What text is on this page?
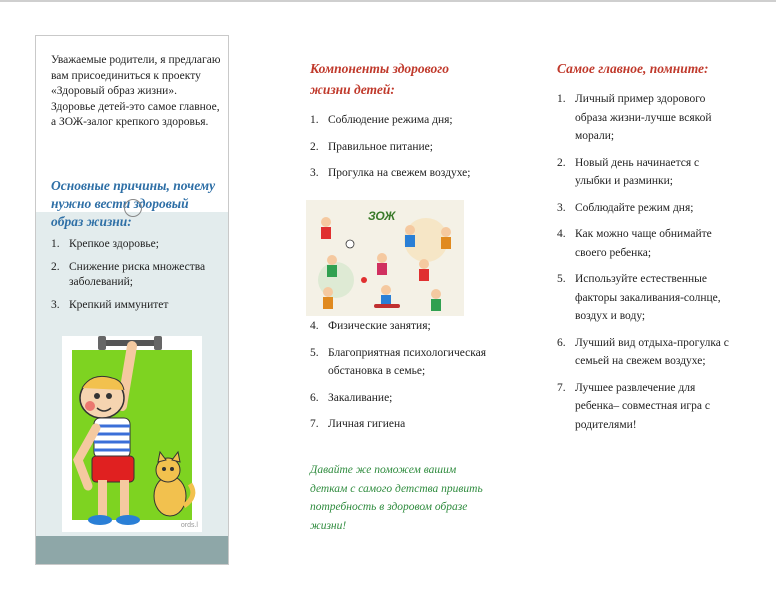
Уважаемые родители, я предлагаю вам присоединиться к проекту «Здоровый образ жизни». Здоровье детей-это самое главное, а ЗОЖ-залог крепкого здоровья.

Основные причины, почему нужно вести здоровый образ жизни:
1. Крепкое здоровье;
2. Снижение риска множества заболеваний;
3. Крепкий иммунитет
ords.l
Компоненты здорового жизни детей:
1. Соблюдение режима дня;
2. Правильное питание;
3. Прогулка на свежем воздухе;
ЗОЖ
4. Физические занятия;
5. Благоприятная психологическая обстановка в семье;
6. Закаливание;
7. Личная гигиена

Давайте же поможем вашим деткам с самого детства привить потребность в здоровом образе жизни!

Самое главное, помните:
1. Личный пример здорового образа жизни-лучше всякой морали;
2. Новый день начинается с улыбки и разминки;
3. Соблюдайте режим дня;
4. Как можно чаще обнимайте своего ребенка;
5. Используйте естественные факторы закаливания-солнце, воздух и воду;
6. Лучший вид отдыха-прогулка с семьей на свежем воздухе;
7. Лучшее развлечение для ребенка– совместная игра с родителями!
